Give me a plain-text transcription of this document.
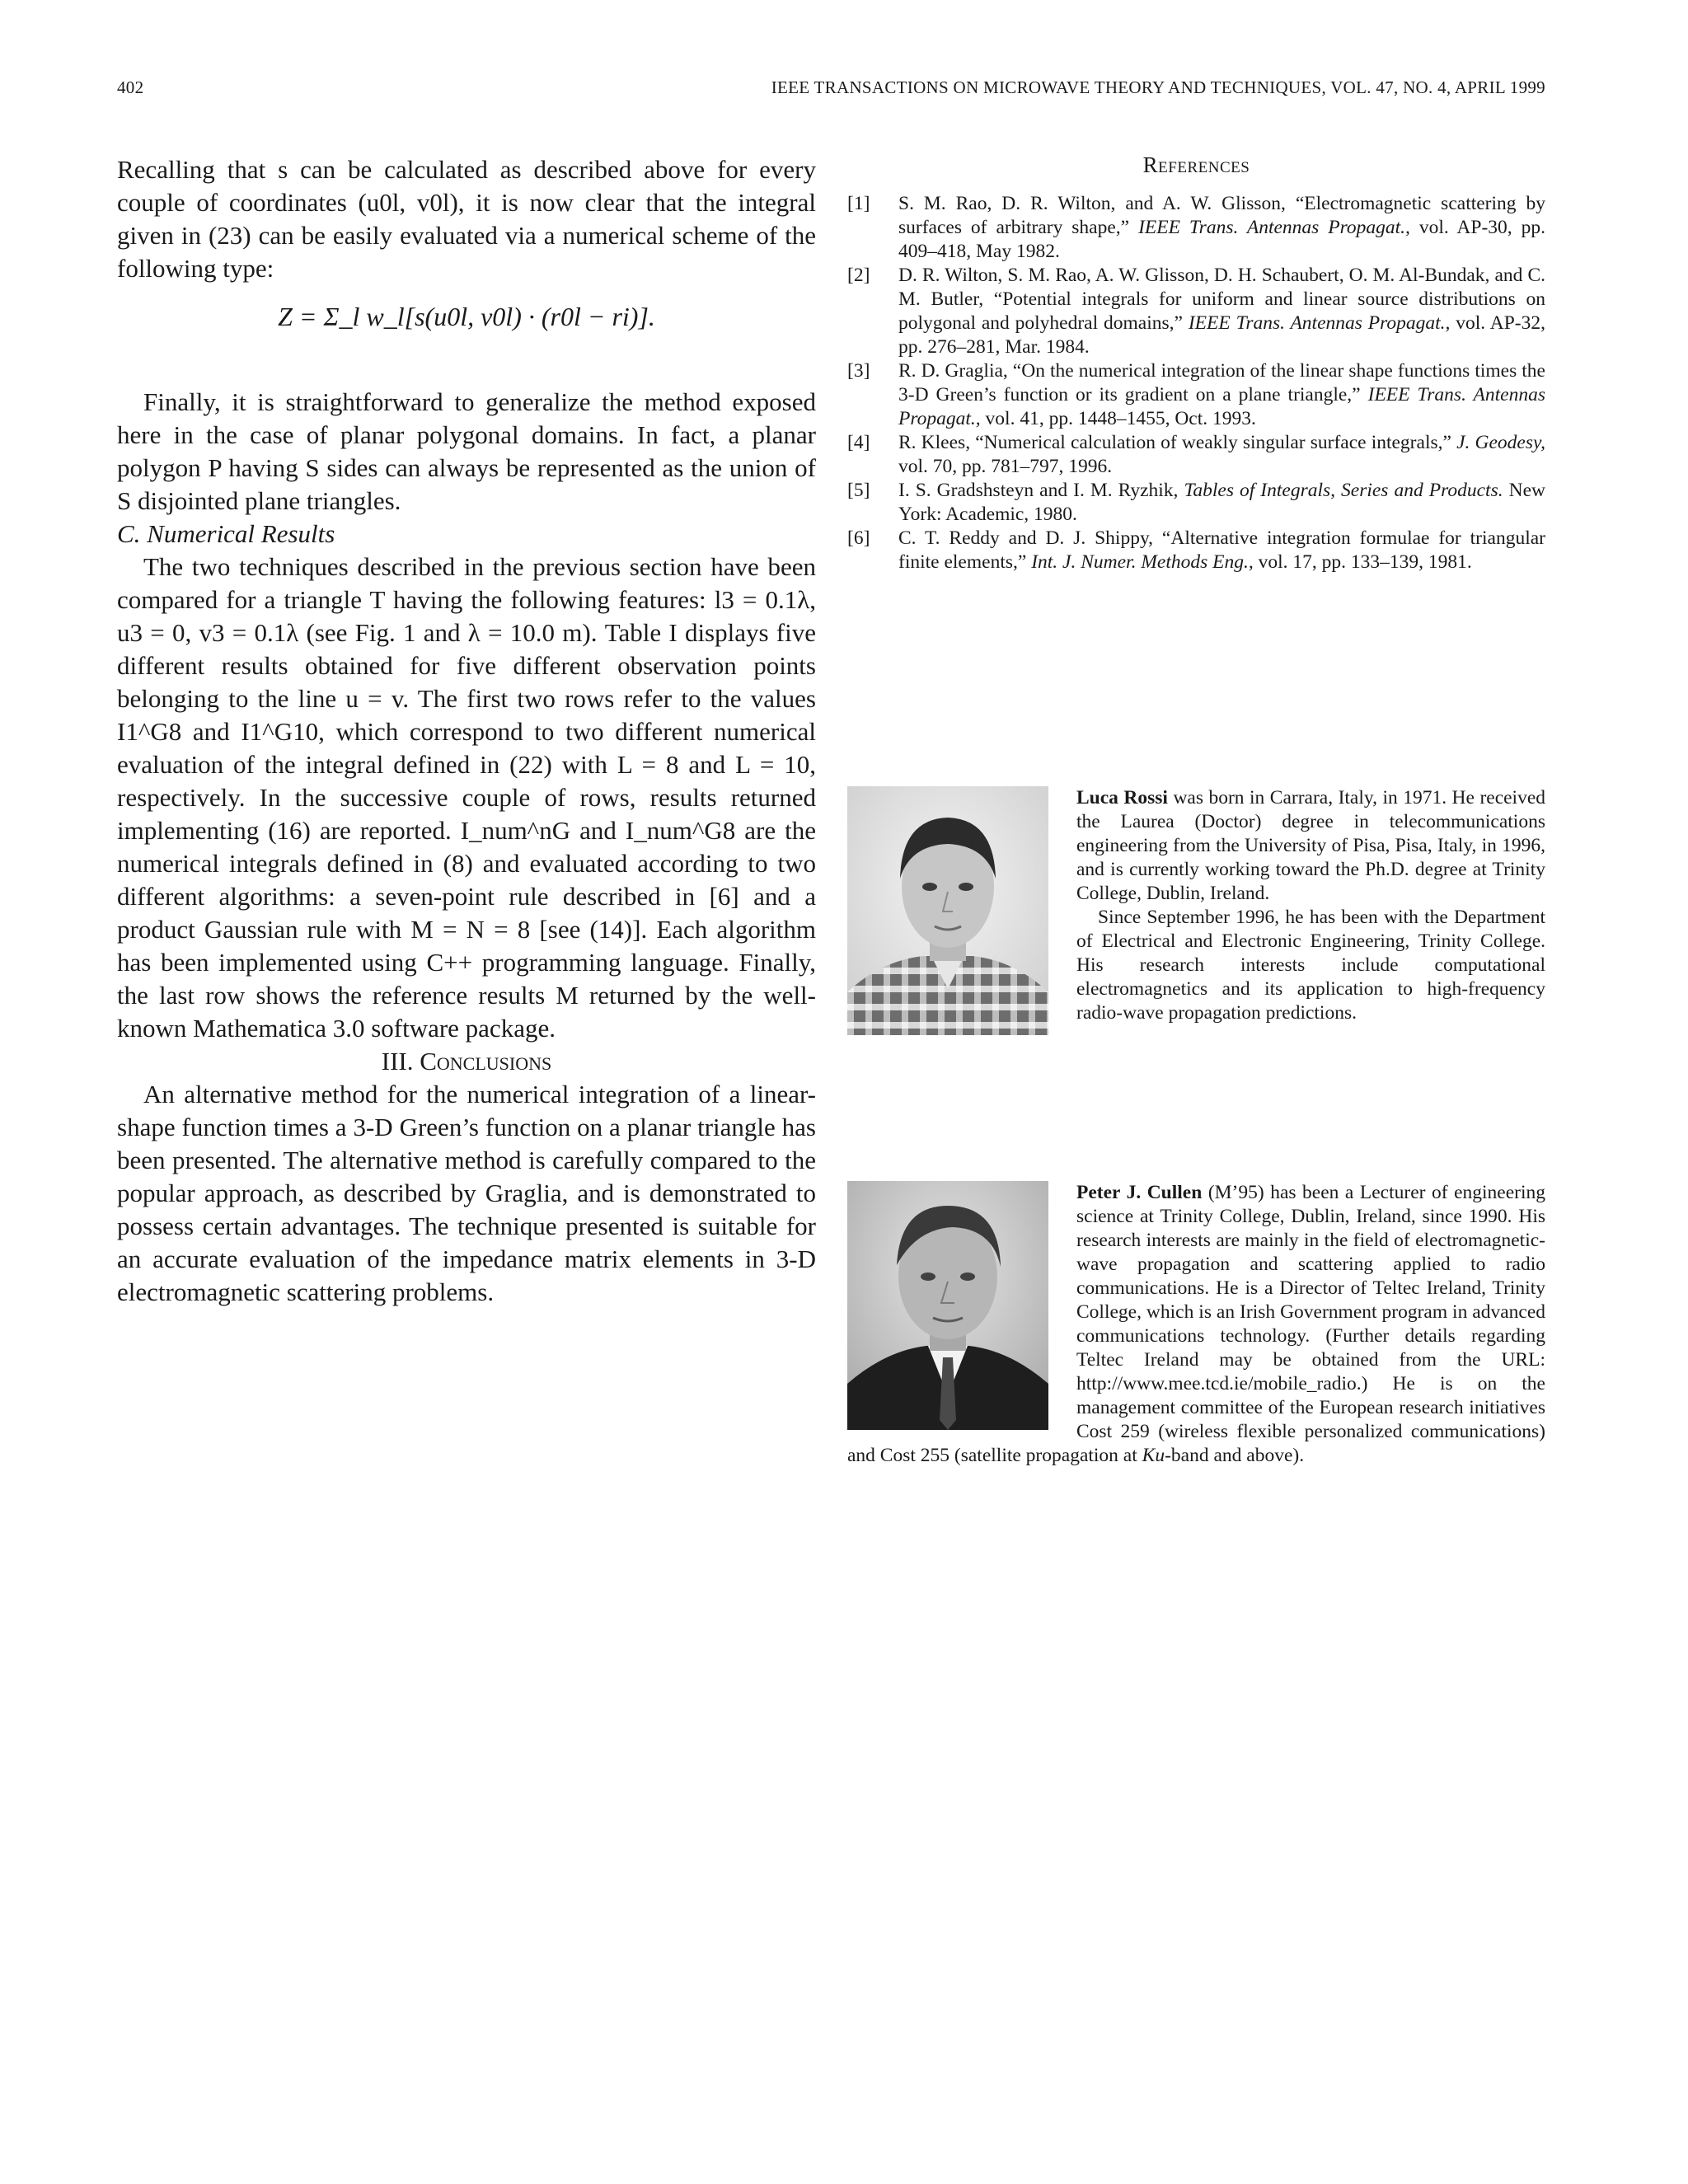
402	IEEE TRANSACTIONS ON MICROWAVE THEORY AND TECHNIQUES, VOL. 47, NO. 4, APRIL 1999

Recalling that s can be calculated as described above for every couple of coordinates (u0l, v0l), it is now clear that the integral given in (23) can be easily evaluated via a numerical scheme of the following type:

Z = Σ_l w_l[s(u0l, v0l) · (r0l − ri)].

Finally, it is straightforward to generalize the method exposed here in the case of planar polygonal domains. In fact, a planar polygon P having S sides can always be represented as the union of S disjointed plane triangles.

C. Numerical Results

The two techniques described in the previous section have been compared for a triangle T having the following features: l3 = 0.1λ, u3 = 0, v3 = 0.1λ (see Fig. 1 and λ = 10.0 m). Table I displays five different results obtained for five different observation points belonging to the line u = v. The first two rows refer to the values I1^G8 and I1^G10, which correspond to two different numerical evaluation of the integral defined in (22) with L = 8 and L = 10, respectively. In the successive couple of rows, results returned implementing (16) are reported. I_num^nG and I_num^G8 are the numerical integrals defined in (8) and evaluated according to two different algorithms: a seven-point rule described in [6] and a product Gaussian rule with M = N = 8 [see (14)]. Each algorithm has been implemented using C++ programming language. Finally, the last row shows the reference results M returned by the well-known Mathematica 3.0 software package.

III. Conclusions

An alternative method for the numerical integration of a linear-shape function times a 3-D Green’s function on a planar triangle has been presented. The alternative method is carefully compared to the popular approach, as described by Graglia, and is demonstrated to possess certain advantages. The technique presented is suitable for an accurate evaluation of the impedance matrix elements in 3-D electromagnetic scattering problems.

References

[1] S. M. Rao, D. R. Wilton, and A. W. Glisson, “Electromagnetic scattering by surfaces of arbitrary shape,” IEEE Trans. Antennas Propagat., vol. AP-30, pp. 409–418, May 1982.

[2] D. R. Wilton, S. M. Rao, A. W. Glisson, D. H. Schaubert, O. M. Al-Bundak, and C. M. Butler, “Potential integrals for uniform and linear source distributions on polygonal and polyhedral domains,” IEEE Trans. Antennas Propagat., vol. AP-32, pp. 276–281, Mar. 1984.

[3] R. D. Graglia, “On the numerical integration of the linear shape functions times the 3-D Green’s function or its gradient on a plane triangle,” IEEE Trans. Antennas Propagat., vol. 41, pp. 1448–1455, Oct. 1993.

[4] R. Klees, “Numerical calculation of weakly singular surface integrals,” J. Geodesy, vol. 70, pp. 781–797, 1996.

[5] I. S. Gradshsteyn and I. M. Ryzhik, Tables of Integrals, Series and Products. New York: Academic, 1980.

[6] C. T. Reddy and D. J. Shippy, “Alternative integration formulae for triangular finite elements,” Int. J. Numer. Methods Eng., vol. 17, pp. 133–139, 1981.

Luca Rossi was born in Carrara, Italy, in 1971. He received the Laurea (Doctor) degree in telecommunications engineering from the University of Pisa, Pisa, Italy, in 1996, and is currently working toward the Ph.D. degree at Trinity College, Dublin, Ireland.

Since September 1996, he has been with the Department of Electrical and Electronic Engineering, Trinity College. His research interests include computational electromagnetics and its application to high-frequency radio-wave propagation predictions.

Peter J. Cullen (M’95) has been a Lecturer of engineering science at Trinity College, Dublin, Ireland, since 1990. His research interests are mainly in the field of electromagnetic-wave propagation and scattering applied to radio communications. He is a Director of Teltec Ireland, Trinity College, which is an Irish Government program in advanced communications technology. (Further details regarding Teltec Ireland may be obtained from the URL: http://www.mee.tcd.ie/mobile_radio.) He is on the management committee of the European research initiatives Cost 259 (wireless flexible personalized communications) and Cost 255 (satellite propagation at Ku-band and above).
